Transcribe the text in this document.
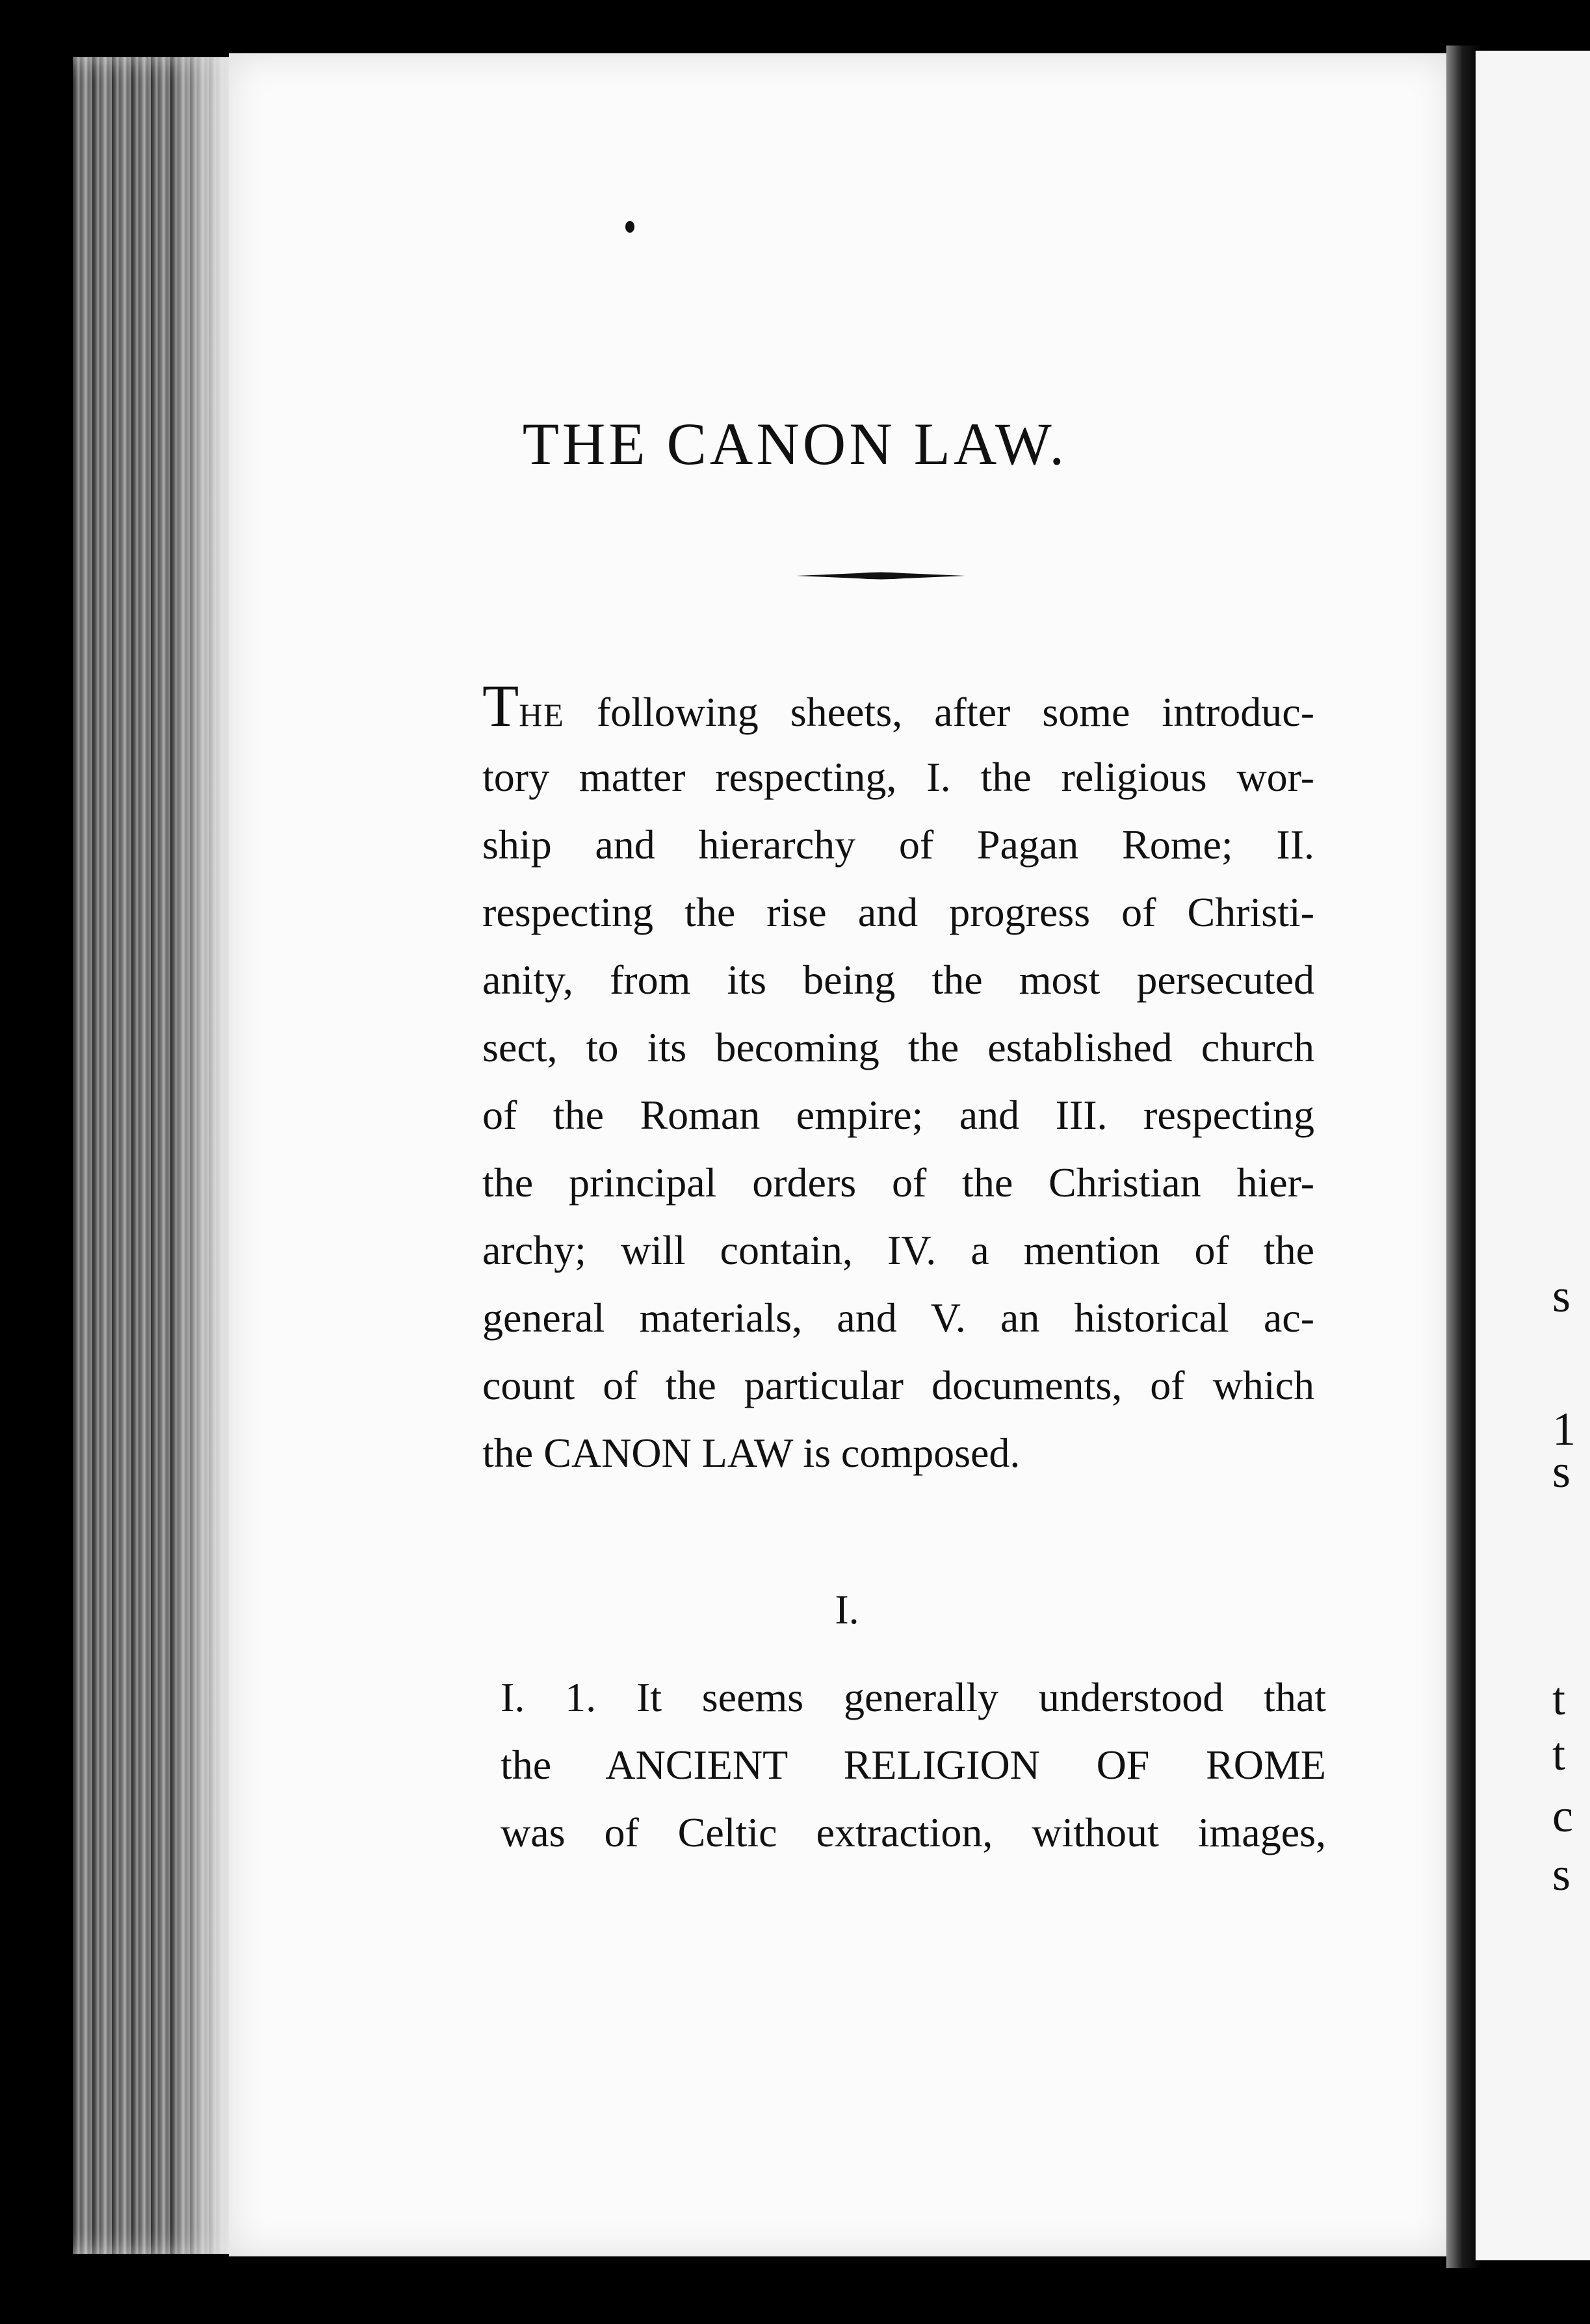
s
1
s
t
t
c
s
THE CANON LAW.
THE following sheets, after some introduc-
tory matter respecting, I. the religious wor-
ship and hierarchy of Pagan Rome; II.
respecting the rise and progress of Christi-
anity, from its being the most persecuted
sect, to its becoming the established church
of the Roman empire; and III. respecting
the principal orders of the Christian hier-
archy; will contain, IV. a mention of the
general materials, and V. an historical ac-
count of the particular documents, of which
the CANON LAW is composed.
I.
I. 1. It seems generally understood that
the ANCIENT RELIGION OF ROME
was of Celtic extraction, without images,
